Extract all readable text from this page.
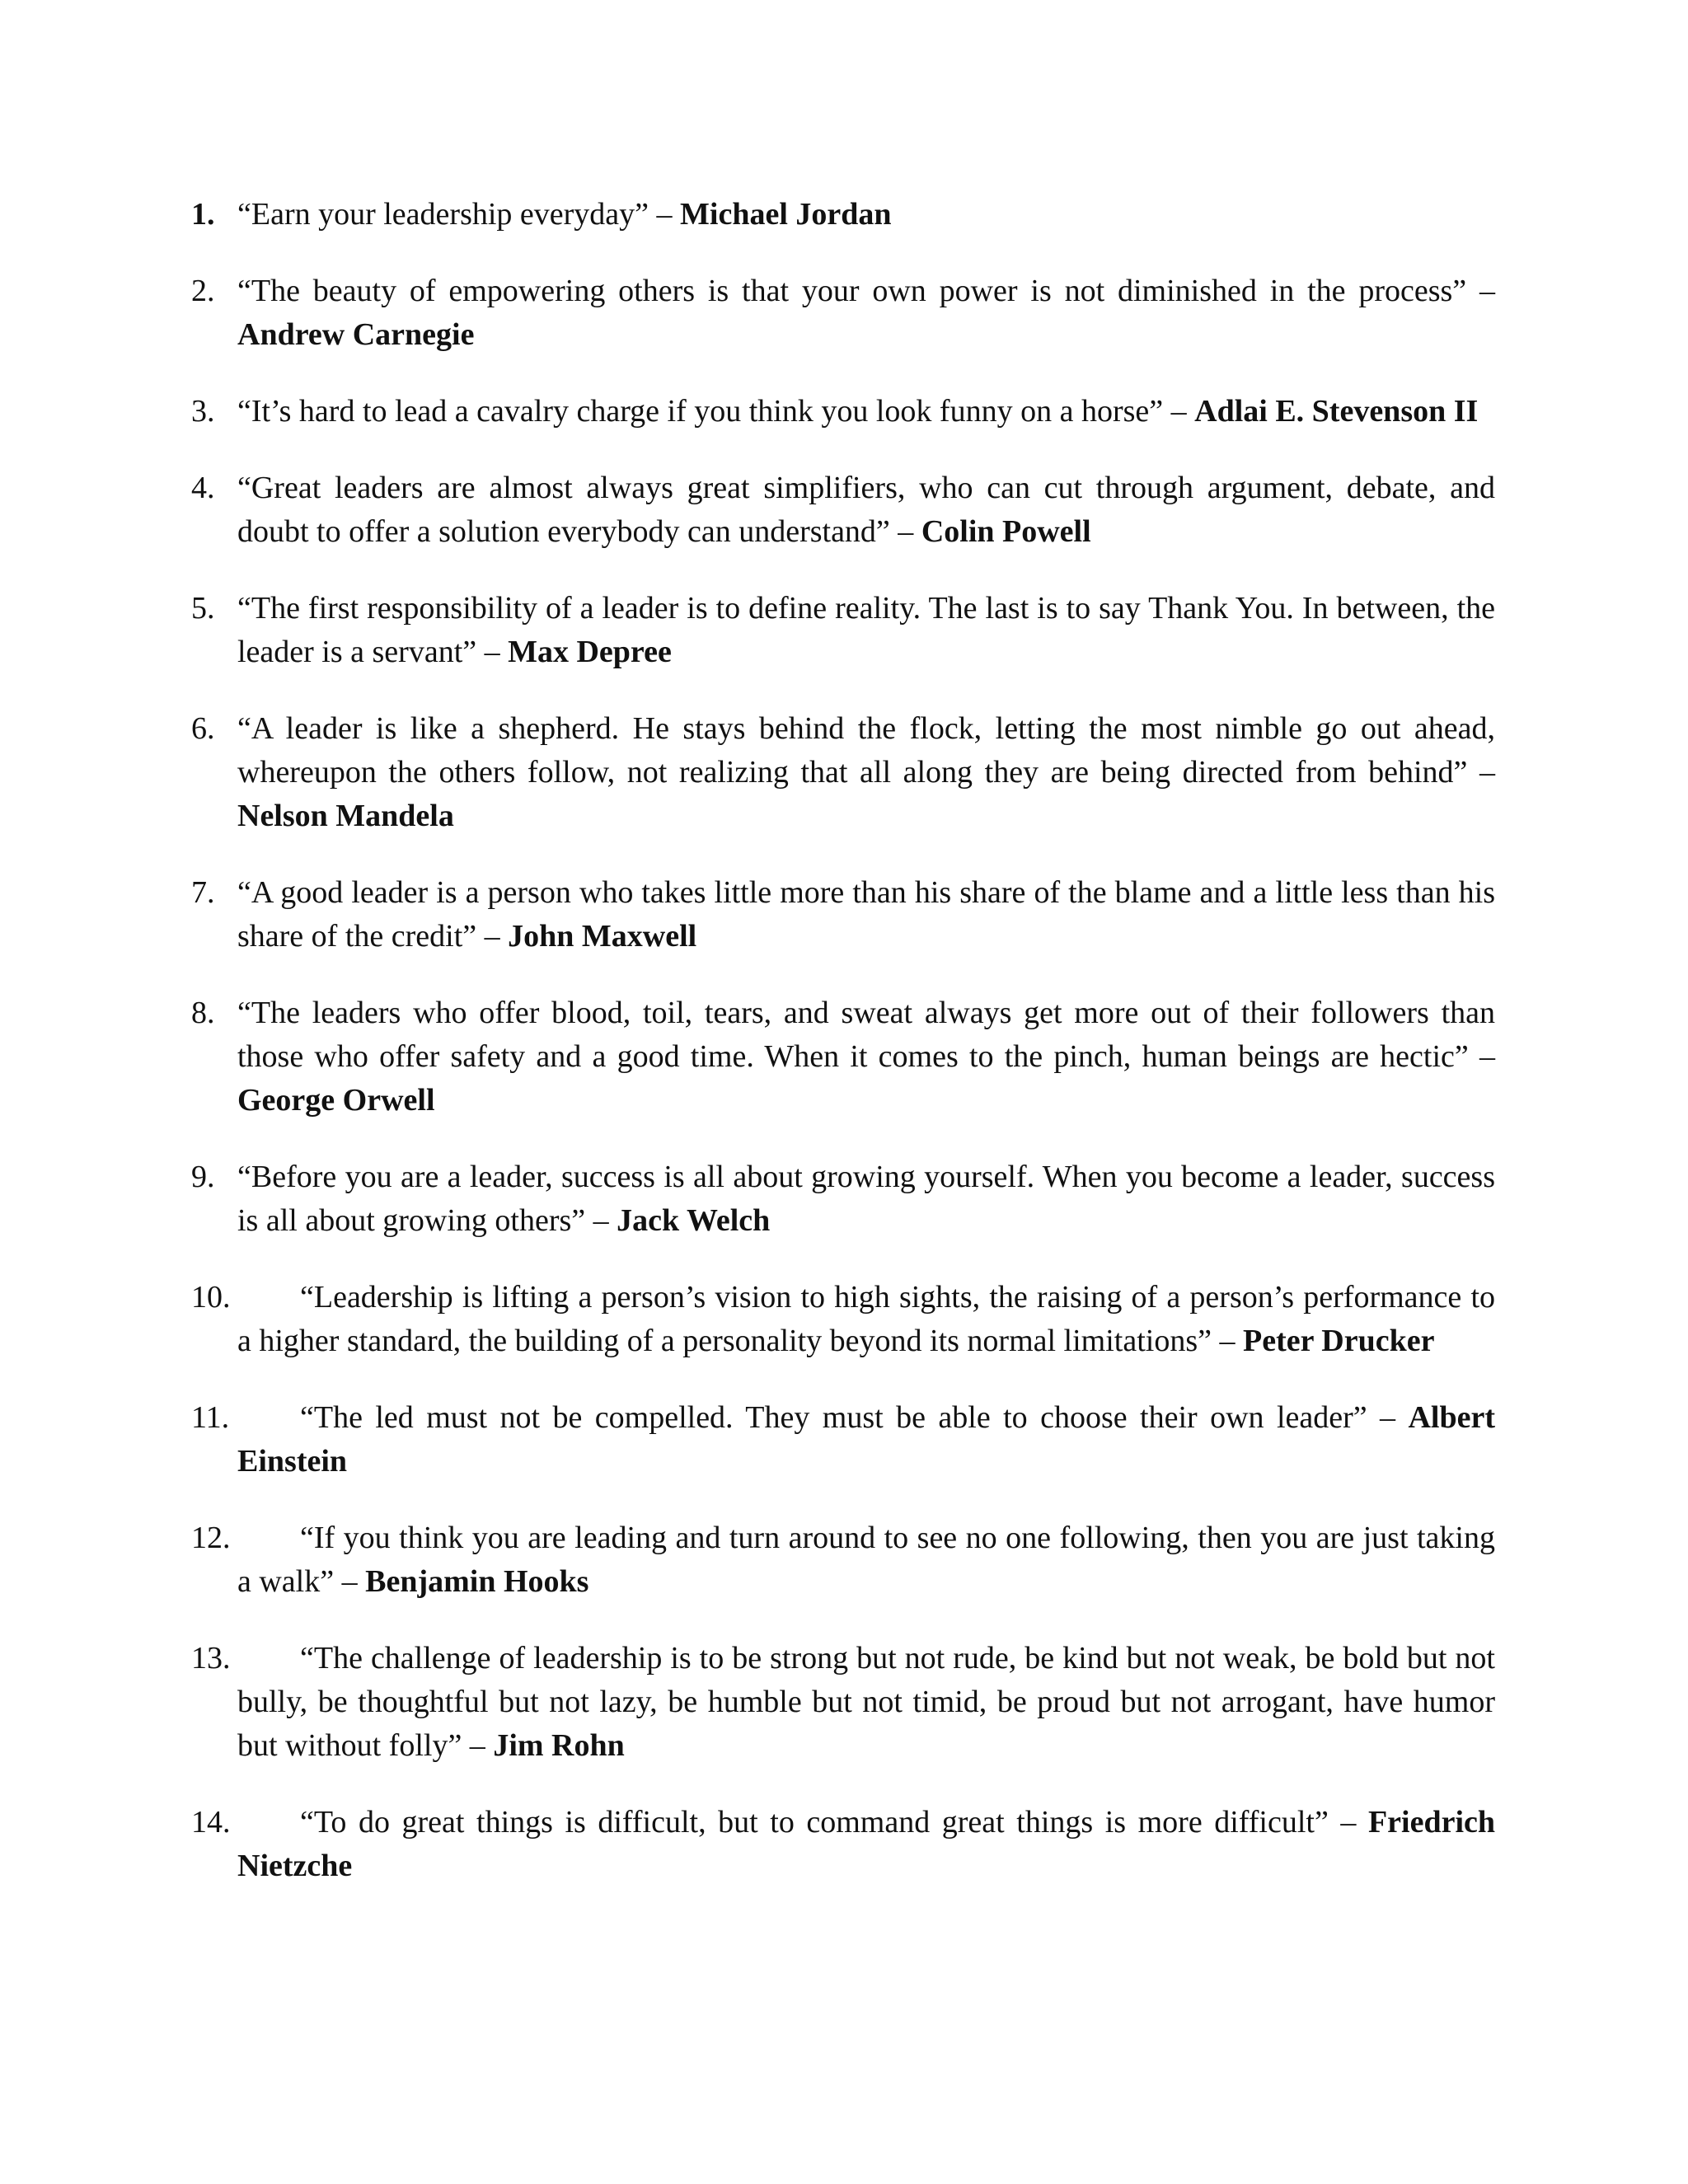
1. “Earn your leadership everyday” – Michael Jordan
2. “The beauty of empowering others is that your own power is not diminished in the process” – Andrew Carnegie
3. “It’s hard to lead a cavalry charge if you think you look funny on a horse” – Adlai E. Stevenson II
4. “Great leaders are almost always great simplifiers, who can cut through argument, debate, and doubt to offer a solution everybody can understand” – Colin Powell
5. “The first responsibility of a leader is to define reality. The last is to say Thank You. In between, the leader is a servant” – Max Depree
6. “A leader is like a shepherd. He stays behind the flock, letting the most nimble go out ahead, whereupon the others follow, not realizing that all along they are being directed from behind” – Nelson Mandela
7. “A good leader is a person who takes little more than his share of the blame and a little less than his share of the credit” – John Maxwell
8. “The leaders who offer blood, toil, tears, and sweat always get more out of their followers than those who offer safety and a good time. When it comes to the pinch, human beings are hectic” – George Orwell
9. “Before you are a leader, success is all about growing yourself. When you become a leader, success is all about growing others” – Jack Welch
10. “Leadership is lifting a person’s vision to high sights, the raising of a person’s performance to a higher standard, the building of a personality beyond its normal limitations” – Peter Drucker
11. “The led must not be compelled. They must be able to choose their own leader” – Albert Einstein
12. “If you think you are leading and turn around to see no one following, then you are just taking a walk” – Benjamin Hooks
13. “The challenge of leadership is to be strong but not rude, be kind but not weak, be bold but not bully, be thoughtful but not lazy, be humble but not timid, be proud but not arrogant, have humor but without folly” – Jim Rohn
14. “To do great things is difficult, but to command great things is more difficult” – Friedrich Nietzche
